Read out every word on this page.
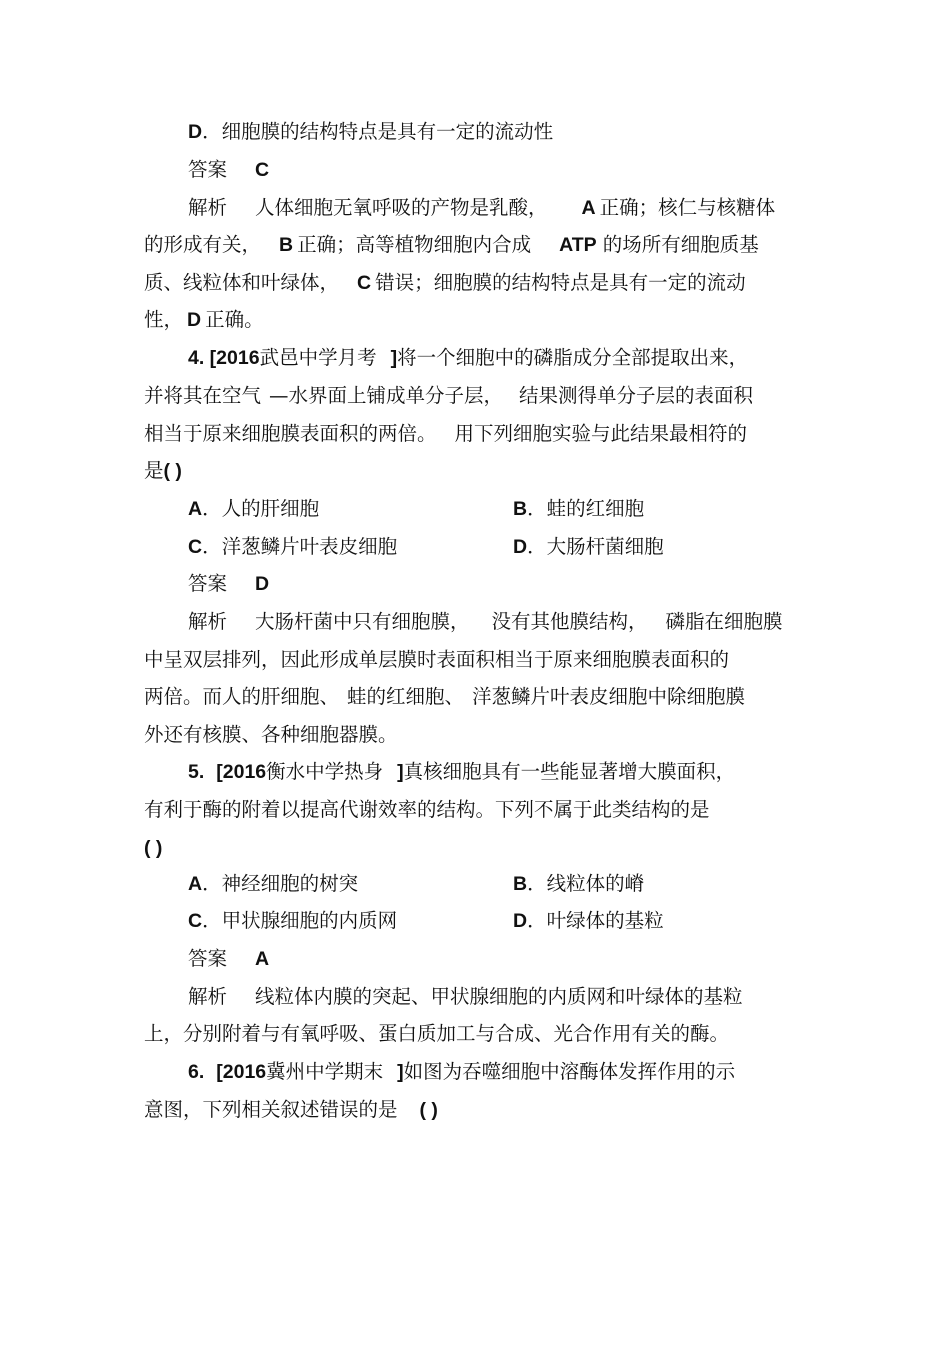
D．细胞膜的结构特点是具有一定的流动性
答案 C
解析 人体细胞无氧呼吸的产物是乳酸， A 正确；核仁与核糖体
的形成有关， B 正确；高等植物细胞内合成 ATP 的场所有细胞质基
质、线粒体和叶绿体， C 错误；细胞膜的结构特点是具有一定的流动
性， D 正确。
4. [2016武邑中学月考 ]将一个细胞中的磷脂成分全部提取出来，
并将其在空气 —水界面上铺成单分子层， 结果测得单分子层的表面积
相当于原来细胞膜表面积的两倍。 用下列细胞实验与此结果最相符的
是( )
A．人的肝细胞	B．蛙的红细胞
C．洋葱鳞片叶表皮细胞	D．大肠杆菌细胞
答案 D
解析 大肠杆菌中只有细胞膜， 没有其他膜结构， 磷脂在细胞膜
中呈双层排列，因此形成单层膜时表面积相当于原来细胞膜表面积的
两倍。而人的肝细胞、 蛙的红细胞、 洋葱鳞片叶表皮细胞中除细胞膜
外还有核膜、各种细胞器膜。
5. [2016衡水中学热身 ]真核细胞具有一些能显著增大膜面积，
有利于酶的附着以提高代谢效率的结构。下列不属于此类结构的是
( )
A．神经细胞的树突	B．线粒体的嵴
C．甲状腺细胞的内质网	D．叶绿体的基粒
答案 A
解析 线粒体内膜的突起、甲状腺细胞的内质网和叶绿体的基粒
上，分别附着与有氧呼吸、蛋白质加工与合成、光合作用有关的酶。
6. [2016冀州中学期末 ]如图为吞噬细胞中溶酶体发挥作用的示
意图，下列相关叙述错误的是 ( )
